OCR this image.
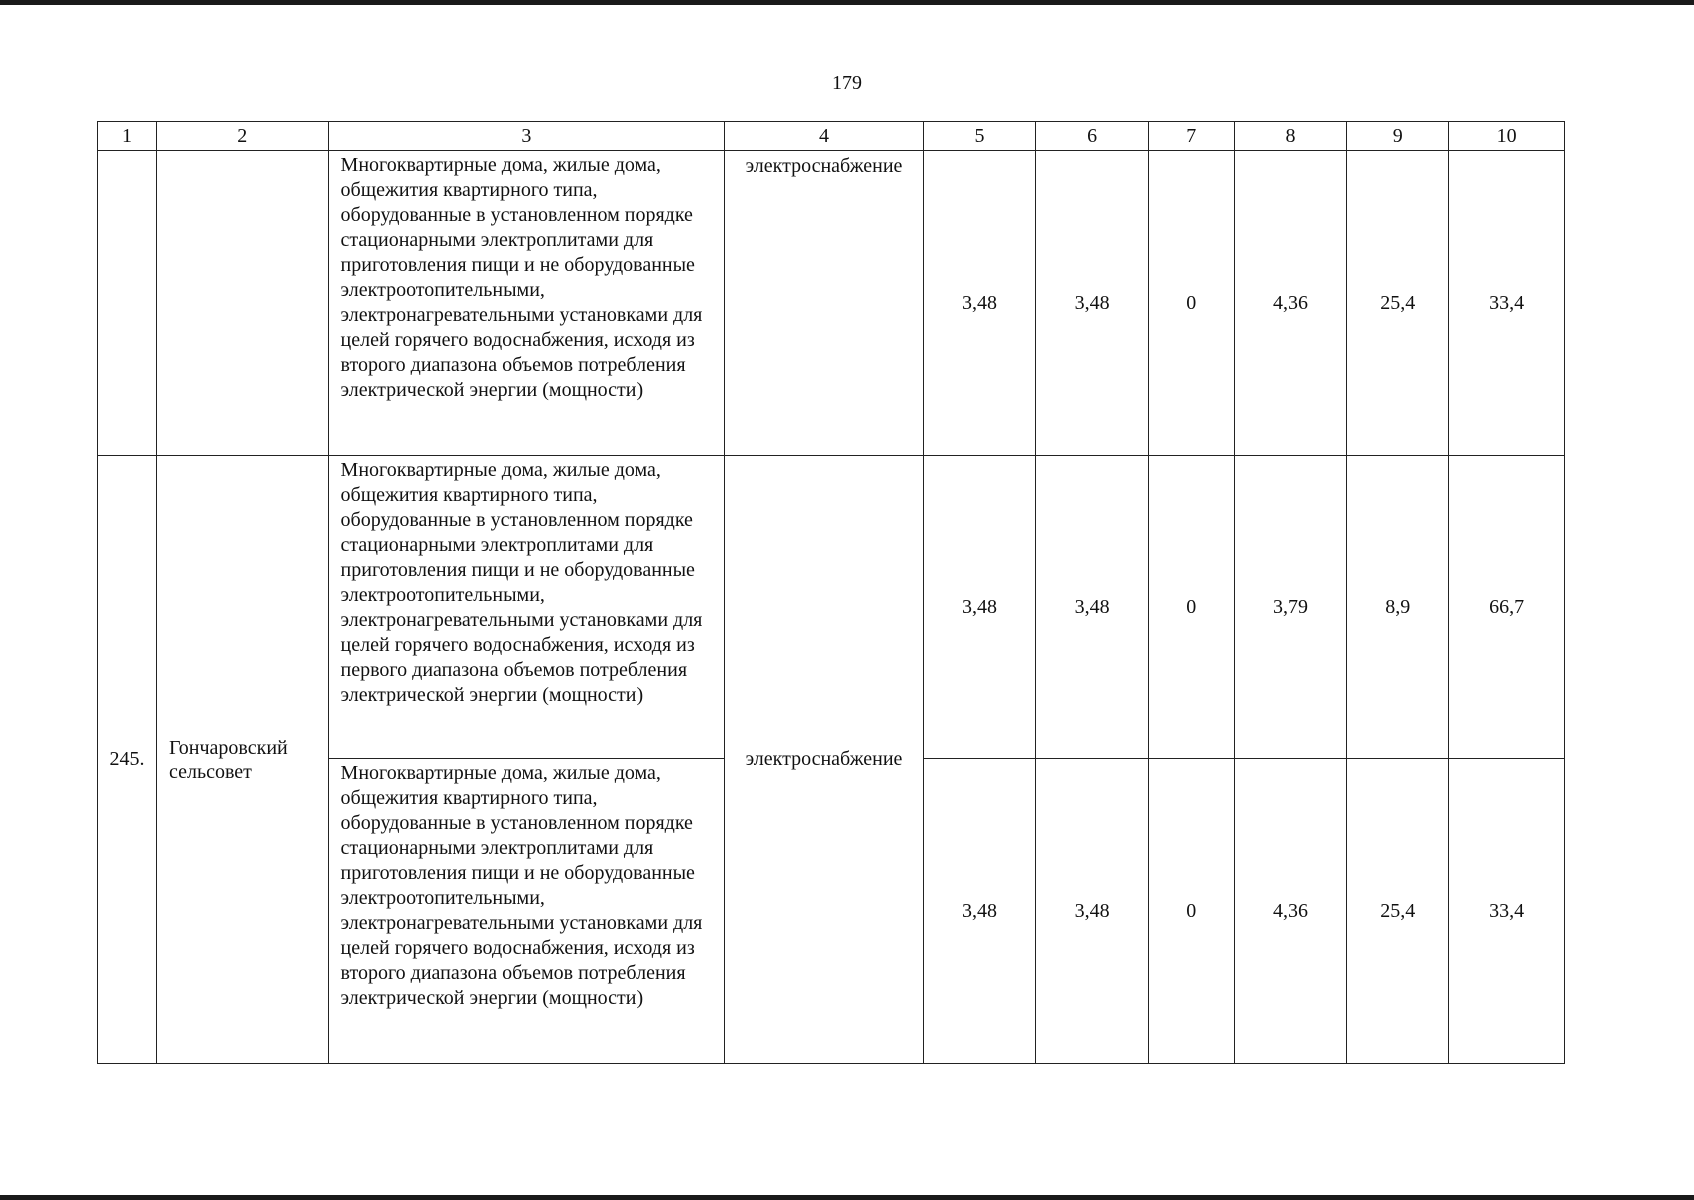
179
1	2	3	4	5	6	7	8	9	10
		Многоквартирные дома, жилые дома, общежития квартирного типа, оборудованные в установленном порядке стационарными электроплитами для приготовления пищи и не оборудованные электроотопительными, электронагревательными установками для целей горячего водоснабжения, исходя из второго диапазона объемов потребления электрической энергии (мощности)	электроснабжение	3,48	3,48	0	4,36	25,4	33,4
245.	Гончаровский сельсовет	Многоквартирные дома, жилые дома, общежития квартирного типа, оборудованные в установленном порядке стационарными электроплитами для приготовления пищи и не оборудованные электроотопительными, электронагревательными установками для целей горячего водоснабжения, исходя из первого диапазона объемов потребления электрической энергии (мощности)	электроснабжение	3,48	3,48	0	3,79	8,9	66,7
		Многоквартирные дома, жилые дома, общежития квартирного типа, оборудованные в установленном порядке стационарными электроплитами для приготовления пищи и не оборудованные электроотопительными, электронагревательными установками для целей горячего водоснабжения, исходя из второго диапазона объемов потребления электрической энергии (мощности)		3,48	3,48	0	4,36	25,4	33,4
